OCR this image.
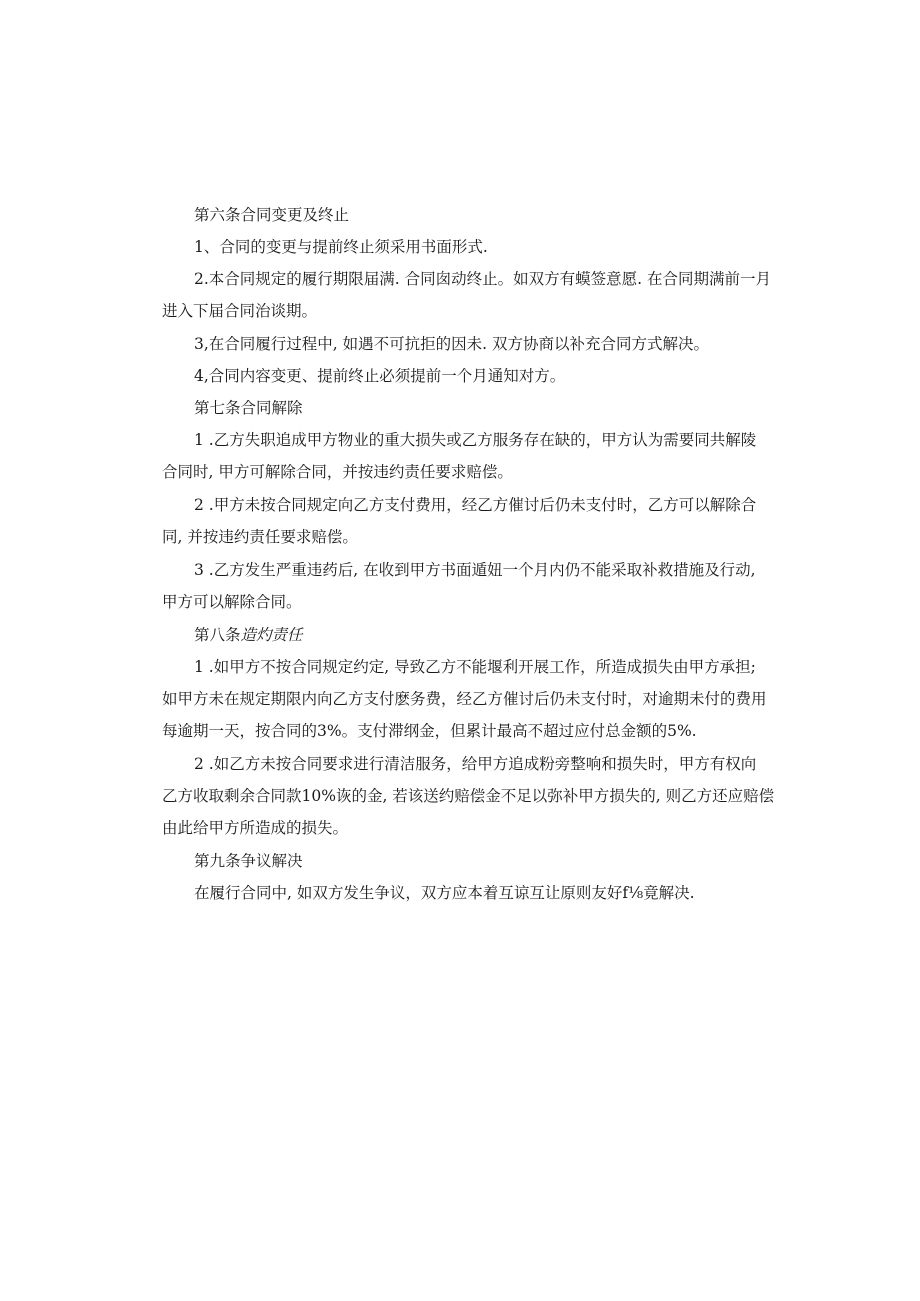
第六条合同变更及终止
1、合同的变更与提前终止须采用书面形式.
2.本合同规定的履行期限届满. 合同囱动终止。如双方有蟆签意愿. 在合同期满前一月
进入下届合同治谈期。
3,在合同履行过程中, 如遇不可抗拒的因未. 双方协商以补充合同方式解决。
4,合同内容变更、提前终止必须提前一个月通知对方。
第七条合同解除
1 .乙方失职追成甲方物业的重大损失或乙方服务存在缺的，甲方认为需要同共解陵
合同时, 甲方可解除合同，并按违约责任要求赔偿。
2 .甲方未按合同规定向乙方支付费用，经乙方催讨后仍未支付时，乙方可以解除合
同, 并按违约责任要求赔偿。
3 .乙方发生严重违药后, 在收到甲方书面遁妞一个月内仍不能采取补救措施及行动,
甲方可以解除合同。
第八条造灼责任
1 .如甲方不按合同规定约定, 导致乙方不能堰利开展工作，所造成损失由甲方承担;
如甲方未在规定期限内向乙方支付麽务费，经乙方催讨后仍未支付时，对逾期未付的费用
每逾期一天，按合同的3%。支付滞纲金，但累计最高不超过应付总金额的5%.
2 .如乙方未按合同要求进行清洁服务，给甲方追成粉旁整响和损失时，甲方有权向
乙方收取剩余合同款10%诙的金, 若该送约赔偿金不足以弥补甲方损失的, 则乙方还应赔偿
由此给甲方所造成的损失。
第九条争议解决
在履行合同中, 如双方发生争议，双方应本着互谅互让原则友好f⅛竟解决.
